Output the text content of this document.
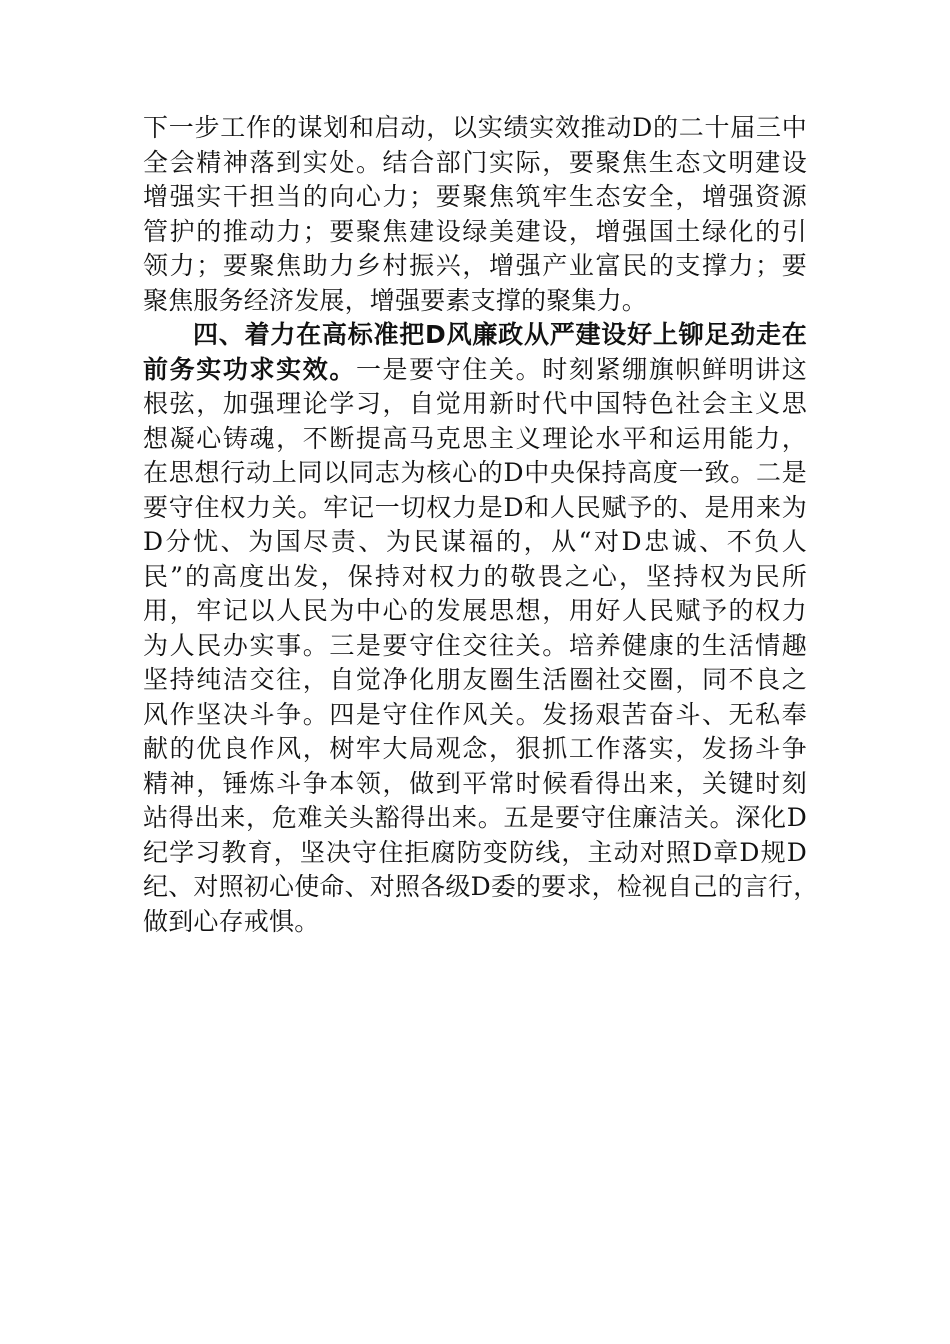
下一步工作的谋划和启动，以实绩实效推动D的二十届三中
全会精神落到实处。结合部门实际，要聚焦生态文明建设
增强实干担当的向心力；要聚焦筑牢生态安全，增强资源
管护的推动力；要聚焦建设绿美建设，增强国土绿化的引
领力；要聚焦助力乡村振兴，增强产业富民的支撑力；要
聚焦服务经济发展，增强要素支撑的聚集力。
四、着力在高标准把D风廉政从严建设好上铆足劲走在
前务实功求实效。一是要守住关。时刻紧绷旗帜鲜明讲这
根弦，加强理论学习，自觉用新时代中国特色社会主义思
想凝心铸魂，不断提高马克思主义理论水平和运用能力，
在思想行动上同以同志为核心的D中央保持高度一致。二是
要守住权力关。牢记一切权力是D和人民赋予的、是用来为
D分忧、为国尽责、为民谋福的，从“对D忠诚、不负人
民”的高度出发，保持对权力的敬畏之心，坚持权为民所
用，牢记以人民为中心的发展思想，用好人民赋予的权力
为人民办实事。三是要守住交往关。培养健康的生活情趣
坚持纯洁交往，自觉净化朋友圈生活圈社交圈，同不良之
风作坚决斗争。四是守住作风关。发扬艰苦奋斗、无私奉
献的优良作风，树牢大局观念，狠抓工作落实，发扬斗争
精神，锤炼斗争本领，做到平常时候看得出来，关键时刻
站得出来，危难关头豁得出来。五是要守住廉洁关。深化D
纪学习教育，坚决守住拒腐防变防线，主动对照D章D规D
纪、对照初心使命、对照各级D委的要求，检视自己的言行，
做到心存戒惧。
